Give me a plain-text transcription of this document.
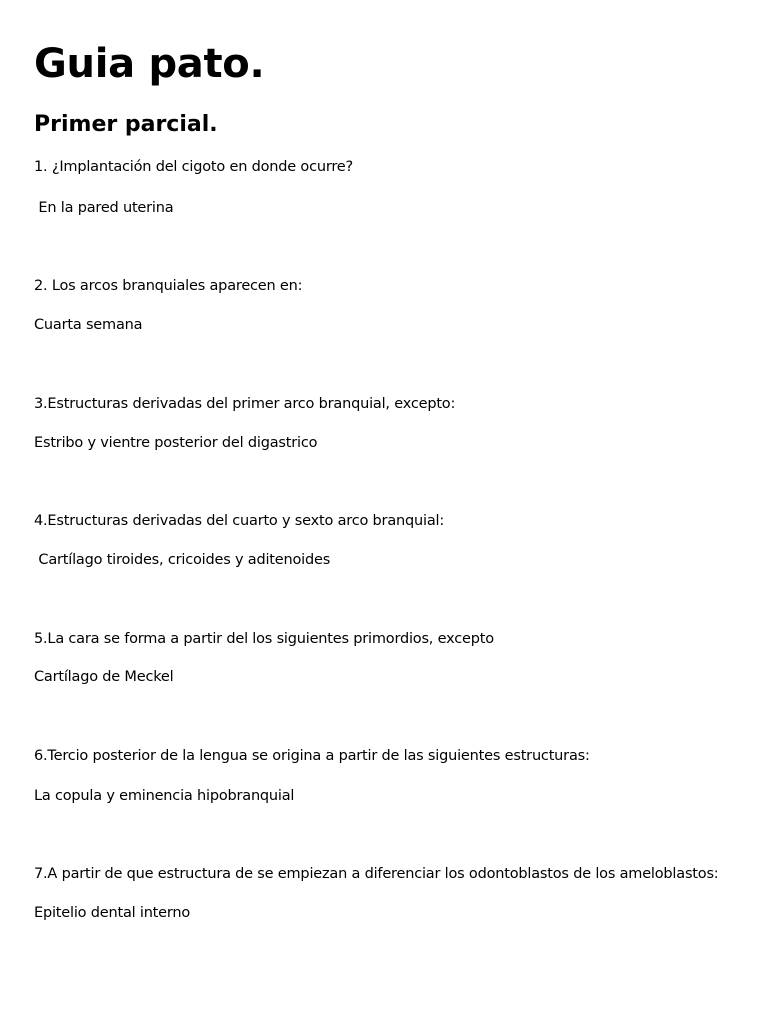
Guia pato.
Primer parcial.

1. ¿Implantación del cigoto en donde ocurre?

En la pared uterina

2. Los arcos branquiales aparecen en:

Cuarta semana

3.Estructuras derivadas del primer arco branquial, excepto:

Estribo y vientre posterior del digastrico

4.Estructuras derivadas del cuarto y sexto arco branquial:

Cartílago tiroides, cricoides y aditenoides

5.La cara se forma a partir del los siguientes primordios, excepto

Cartílago de Meckel

6.Tercio posterior de la lengua se origina a partir de las siguientes estructuras:

La copula y eminencia hipobranquial

7.A partir de que estructura de se empiezan a diferenciar los odontoblastos de los ameloblastos:

Epitelio dental interno
